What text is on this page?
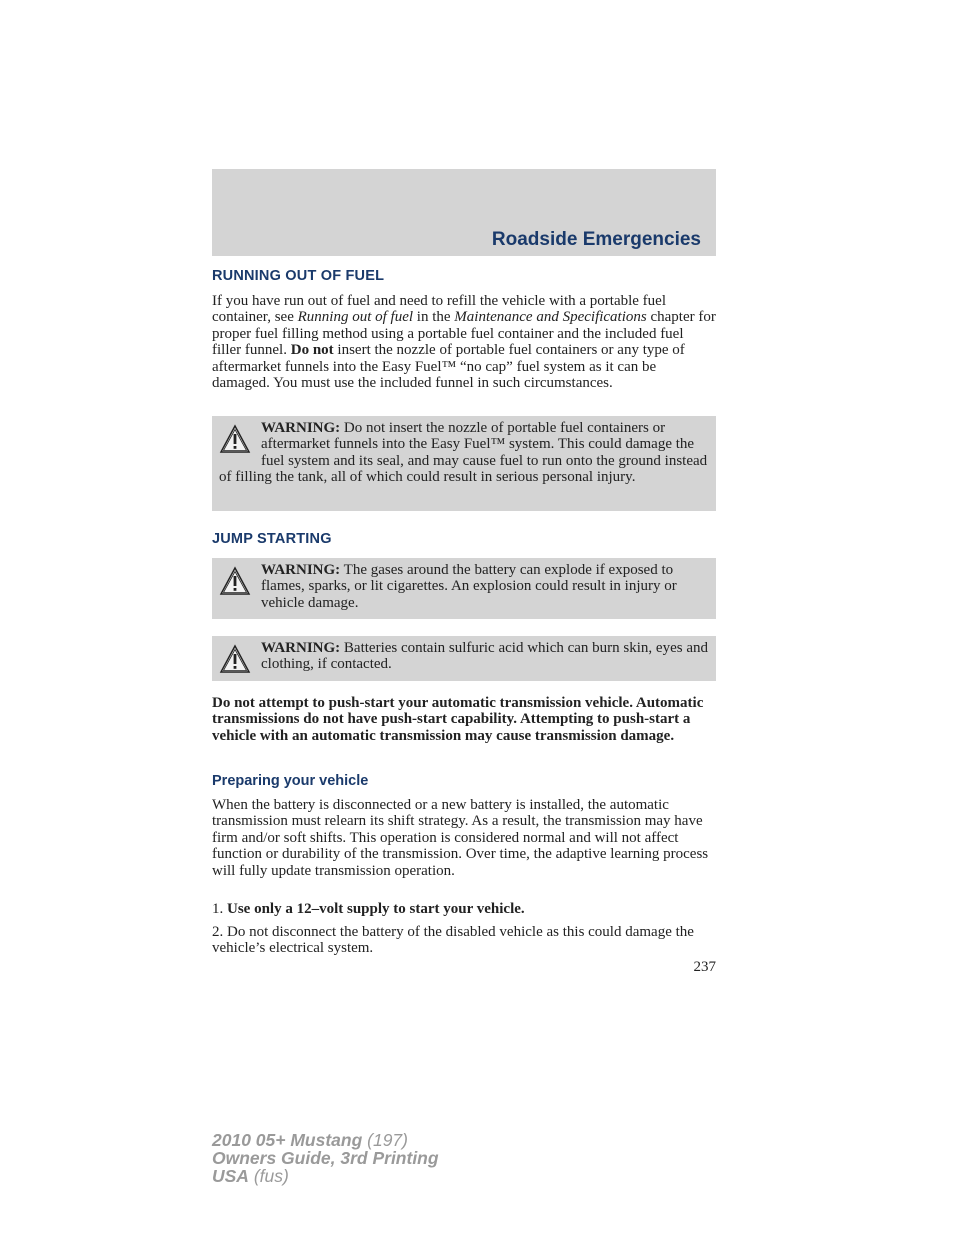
Roadside Emergencies
RUNNING OUT OF FUEL

If you have run out of fuel and need to refill the vehicle with a portable fuel container, see Running out of fuel in the Maintenance and Specifications chapter for proper fuel filling method using a portable fuel container and the included fuel filler funnel. Do not insert the nozzle of portable fuel containers or any type of aftermarket funnels into the Easy Fuel™ “no cap” fuel system as it can be damaged. You must use the included funnel in such circumstances.

WARNING: Do not insert the nozzle of portable fuel containers or aftermarket funnels into the Easy Fuel™ system. This could damage the fuel system and its seal, and may cause fuel to run onto the ground instead of filling the tank, all of which could result in serious personal injury.

JUMP STARTING

WARNING: The gases around the battery can explode if exposed to flames, sparks, or lit cigarettes. An explosion could result in injury or vehicle damage.

WARNING: Batteries contain sulfuric acid which can burn skin, eyes and clothing, if contacted.

Do not attempt to push-start your automatic transmission vehicle. Automatic transmissions do not have push-start capability. Attempting to push-start a vehicle with an automatic transmission may cause transmission damage.

Preparing your vehicle

When the battery is disconnected or a new battery is installed, the automatic transmission must relearn its shift strategy. As a result, the transmission may have firm and/or soft shifts. This operation is considered normal and will not affect function or durability of the transmission. Over time, the adaptive learning process will fully update transmission operation.

1. Use only a 12–volt supply to start your vehicle.

2. Do not disconnect the battery of the disabled vehicle as this could damage the vehicle’s electrical system.

237
2010 05+ Mustang (197)
Owners Guide, 3rd Printing
USA (fus)
